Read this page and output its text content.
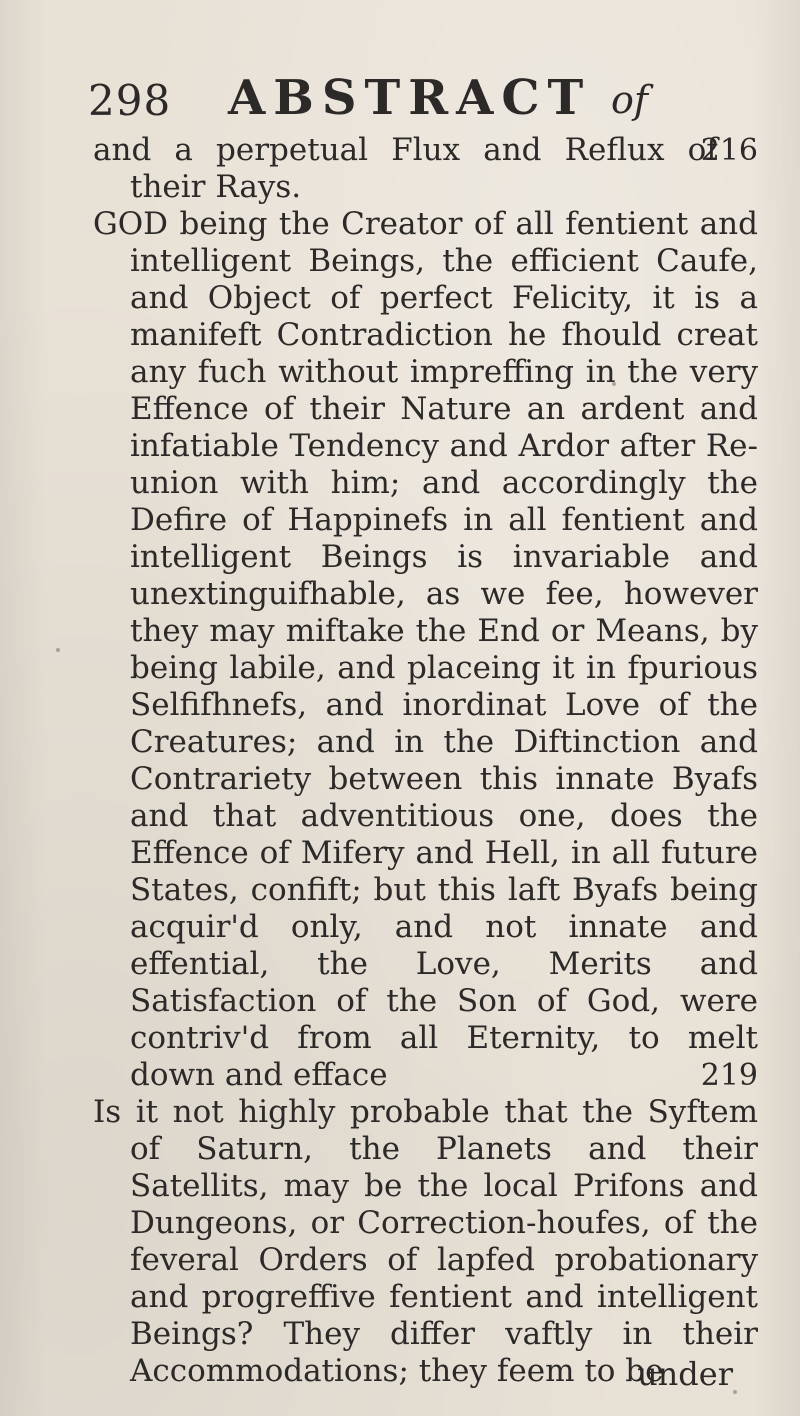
298 ABSTRACT of

216
and a perpetual Flux and Reflux of their Rays.

GOD being the Creator of all fentient and intelligent Beings, the efficient Caufe, and Object of perfect Felicity, it is a manifeft Contradiction he fhould creat any fuch without impreffing in the very Effence of their Nature an ardent and infatiable Tendency and Ardor after Re-union with him; and accordingly the Defire of Happinefs in all fentient and intelligent Beings is invariable and unextinguifhable, as we fee, however they may miftake the End or Means, by being labile, and placeing it in fpurious Selfifhnefs, and inordinat Love of the Creatures; and in the Diftinction and Contrariety between this innate Byafs and that adventitious one, does the Effence of Mifery and Hell, in all future States, confift; but this laft Byafs being acquir'd only, and not innate and effential, the Love, Merits and Satisfaction of the Son of God, were contriv'd from all Eternity, to melt down and efface	219

Is it not highly probable that the Syftem of Saturn, the Planets and their Satellits, may be the local Prifons and Dungeons, or Correction-houfes, of the feveral Orders of lapfed probationary and progreffive fentient and intelligent Beings? They differ vaftly in their Accommodations; they feem to be

under
